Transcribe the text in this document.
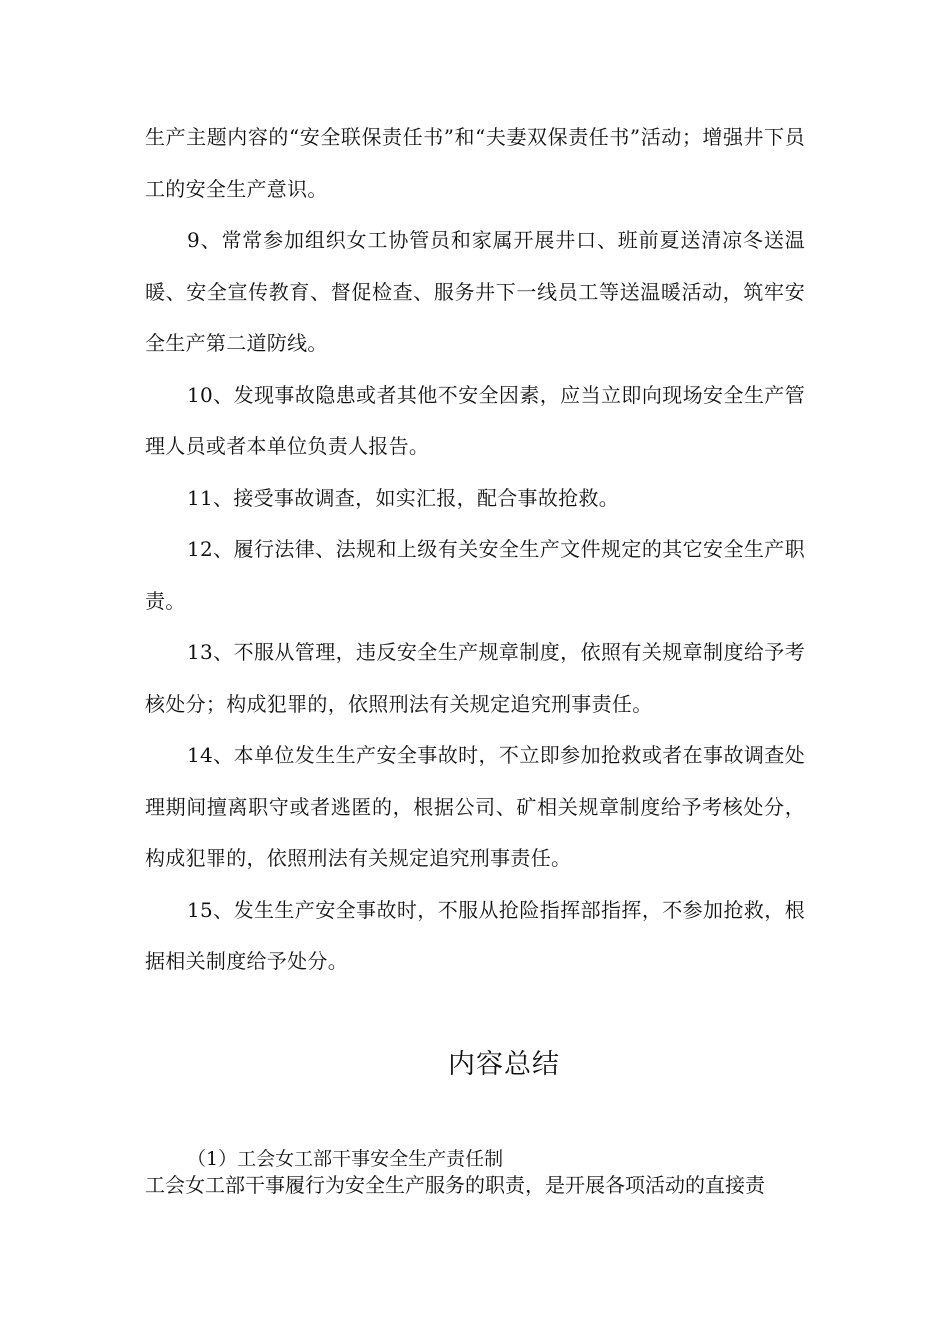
生产主题内容的“安全联保责任书”和“夫妻双保责任书”活动；增强井下员工的安全生产意识。

9、常常参加组织女工协管员和家属开展井口、班前夏送清凉冬送温暖、安全宣传教育、督促检查、服务井下一线员工等送温暖活动，筑牢安全生产第二道防线。

10、发现事故隐患或者其他不安全因素，应当立即向现场安全生产管理人员或者本单位负责人报告。

11、接受事故调查，如实汇报，配合事故抢救。

12、履行法律、法规和上级有关安全生产文件规定的其它安全生产职责。

13、不服从管理，违反安全生产规章制度，依照有关规章制度给予考核处分；构成犯罪的，依照刑法有关规定追究刑事责任。

14、本单位发生生产安全事故时，不立即参加抢救或者在事故调查处理期间擅离职守或者逃匿的，根据公司、矿相关规章制度给予考核处分，构成犯罪的，依照刑法有关规定追究刑事责任。

15、发生生产安全事故时，不服从抢险指挥部指挥，不参加抢救，根据相关制度给予处分。

内容总结
（1）工会女工部干事安全生产责任制
工会女工部干事履行为安全生产服务的职责，是开展各项活动的直接责
